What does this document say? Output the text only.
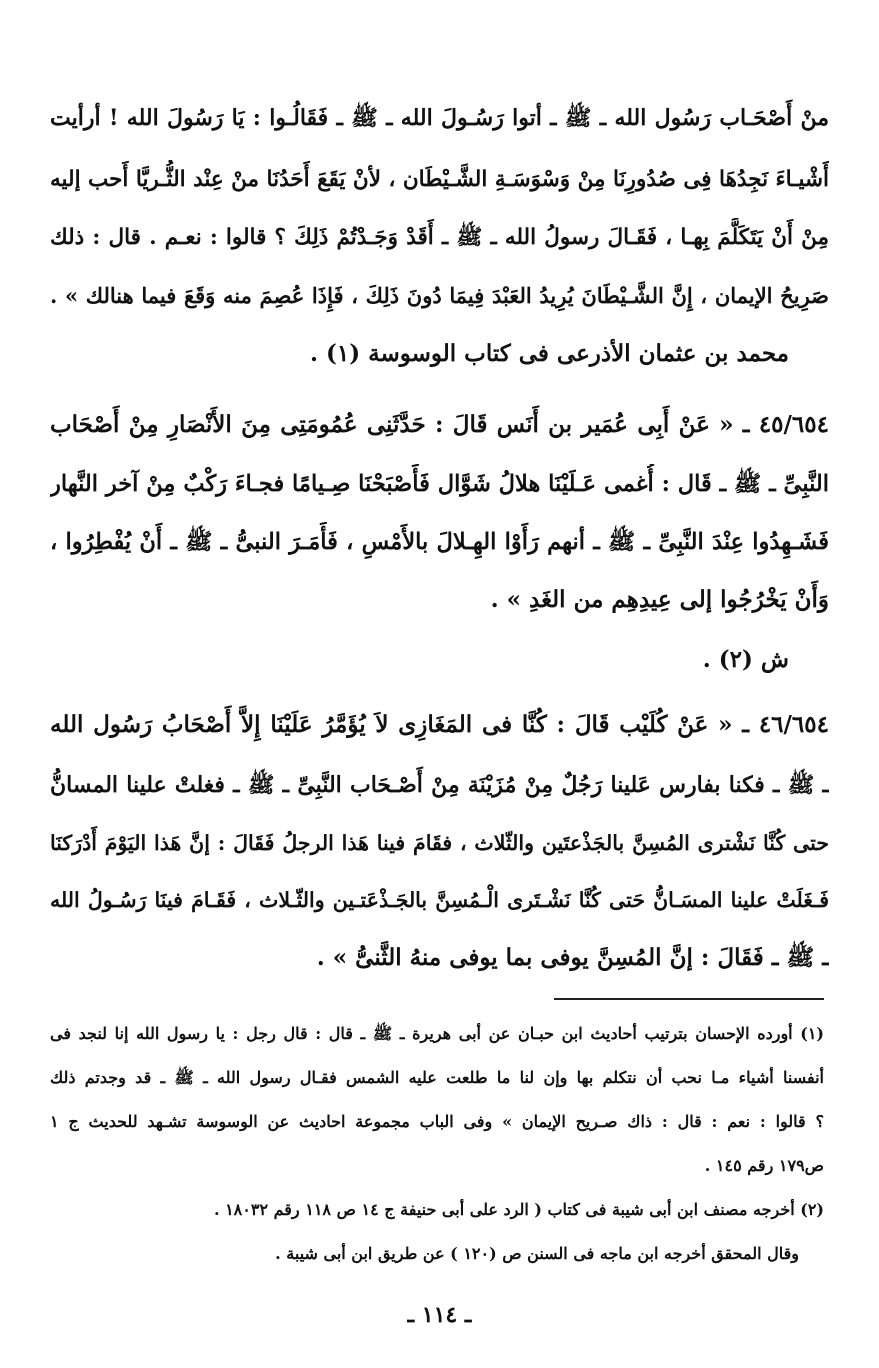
منْ أَصْحَـاب رَسُول الله ـ ﷺ ـ أتوا رَسُـولَ الله ـ ﷺ ـ فَقَالُـوا : يَا رَسُولَ الله ! أرأيت
أَشْيـاءَ نَجِدُهَا فِى صُدُورِنَا مِنْ وَسْوَسَـةِ الشَّـيْطَان ، لأنْ يَقَعَ أَحَدُنَا منْ عِنْد الثُّـريَّا أَحب إليه
مِنْ أَنْ يَتَكَلَّمَ بِهـا ، فَقَـالَ رسولُ الله ـ ﷺ ـ أَقَدْ وَجَـدْتُمْ ذَلِكَ ؟ قالوا : نعـم . قال : ذلك
صَرِيحُ الإيمان ، إِنَّ الشَّـيْطَانَ يُرِيدُ العَبْدَ فِيمَا دُونَ ذَلِكَ ، فَإِذَا عُصِمَ منه وَقَعَ فيما هنالك » .
محمد بن عثمان الأذرعى فى كتاب الوسوسة (١) .
٤٥/٦٥٤ ـ « عَنْ أَبِى عُمَير بن أَنَس قَالَ : حَدَّثَنِى عُمُومَتِى مِنَ الأَنْصَارِ مِنْ أَصْحَاب
النَّبِىِّ ـ ﷺ ـ قَال : أُغمى عَـلَيْنَا هلالُ شَوَّال فَأَصْبَحْنَا صِـيامًا فجـاءَ رَكْبٌ مِنْ آخر النَّهار
فَشَـهِدُوا عِنْدَ النَّبِىِّ ـ ﷺ ـ أنهم رَأَوْا الهِـلالَ بالأَمْسِ ، فَأَمَـرَ النبىُّ ـ ﷺ ـ أَنْ يُفْطِرُوا ،
وَأَنْ يَخْرُجُوا إلى عِيدِهِم من الغَدِ » .
ش (٢) .
٤٦/٦٥٤ ـ « عَنْ كُلَيْب قَالَ : كُنَّا فى المَغَازِى لاَ يُؤَمَّرُ عَلَيْنَا إِلاَّ أَصْحَابُ رَسُول الله
ـ ﷺ ـ فكنا بفارس عَلينا رَجُلٌ مِنْ مُزَيْنَة مِنْ أَصْـحَاب النَّبِىِّ ـ ﷺ ـ فغلتْ علينا المسانُّ
حتى كُنَّا نَشْترى المُسِنَّ بالجَذْعتَين والثّلاث ، فقَامَ فينا هَذا الرجلُ فَقَالَ : إنَّ هَذا اليَوْمَ أَدْرَكنَا
فَـغَلَتْ علينا المسَـانُّ حَتى كُنَّا نَشْـتَرى الْـمُسِنَّ بالجَـذْعَتـين والثّـلاث ، فَقَـامَ فينَا رَسُـولُ الله
ـ ﷺ ـ فَقَالَ : إنَّ المُسِنَّ يوفى بما يوفى منهُ الثَّنىُّ » .
(١) أورده الإحسان بترتيب أحاديث ابن حبـان عن أبى هريرة ـ ﷺ ـ قال : قال رجل : يا رسول الله إنا لنجد فى
أنفسنا أشياء مـا نحب أن نتكلم بها وإن لنا ما طلعت عليه الشمس فقـال رسول الله ـ ﷺ ـ قد وجدتم ذلك
؟ قالوا : نعم : قال : ذاك صـريح الإيمان » وفى الباب مجموعة احاديث عن الوسوسة تشـهد للحديث ج ١
ص١٧٩ رقم ١٤٥ .
(٢) أخرجه مصنف ابن أبى شيبة فى كتاب ( الرد على أبى حنيفة ج ١٤ ص ١١٨ رقم ١٨٠٣٢ .
وقال المحقق أخرجه ابن ماجه فى السنن ص (١٢٠ ) عن طريق ابن أبى شيبة .
ـ ١١٤ ـ
